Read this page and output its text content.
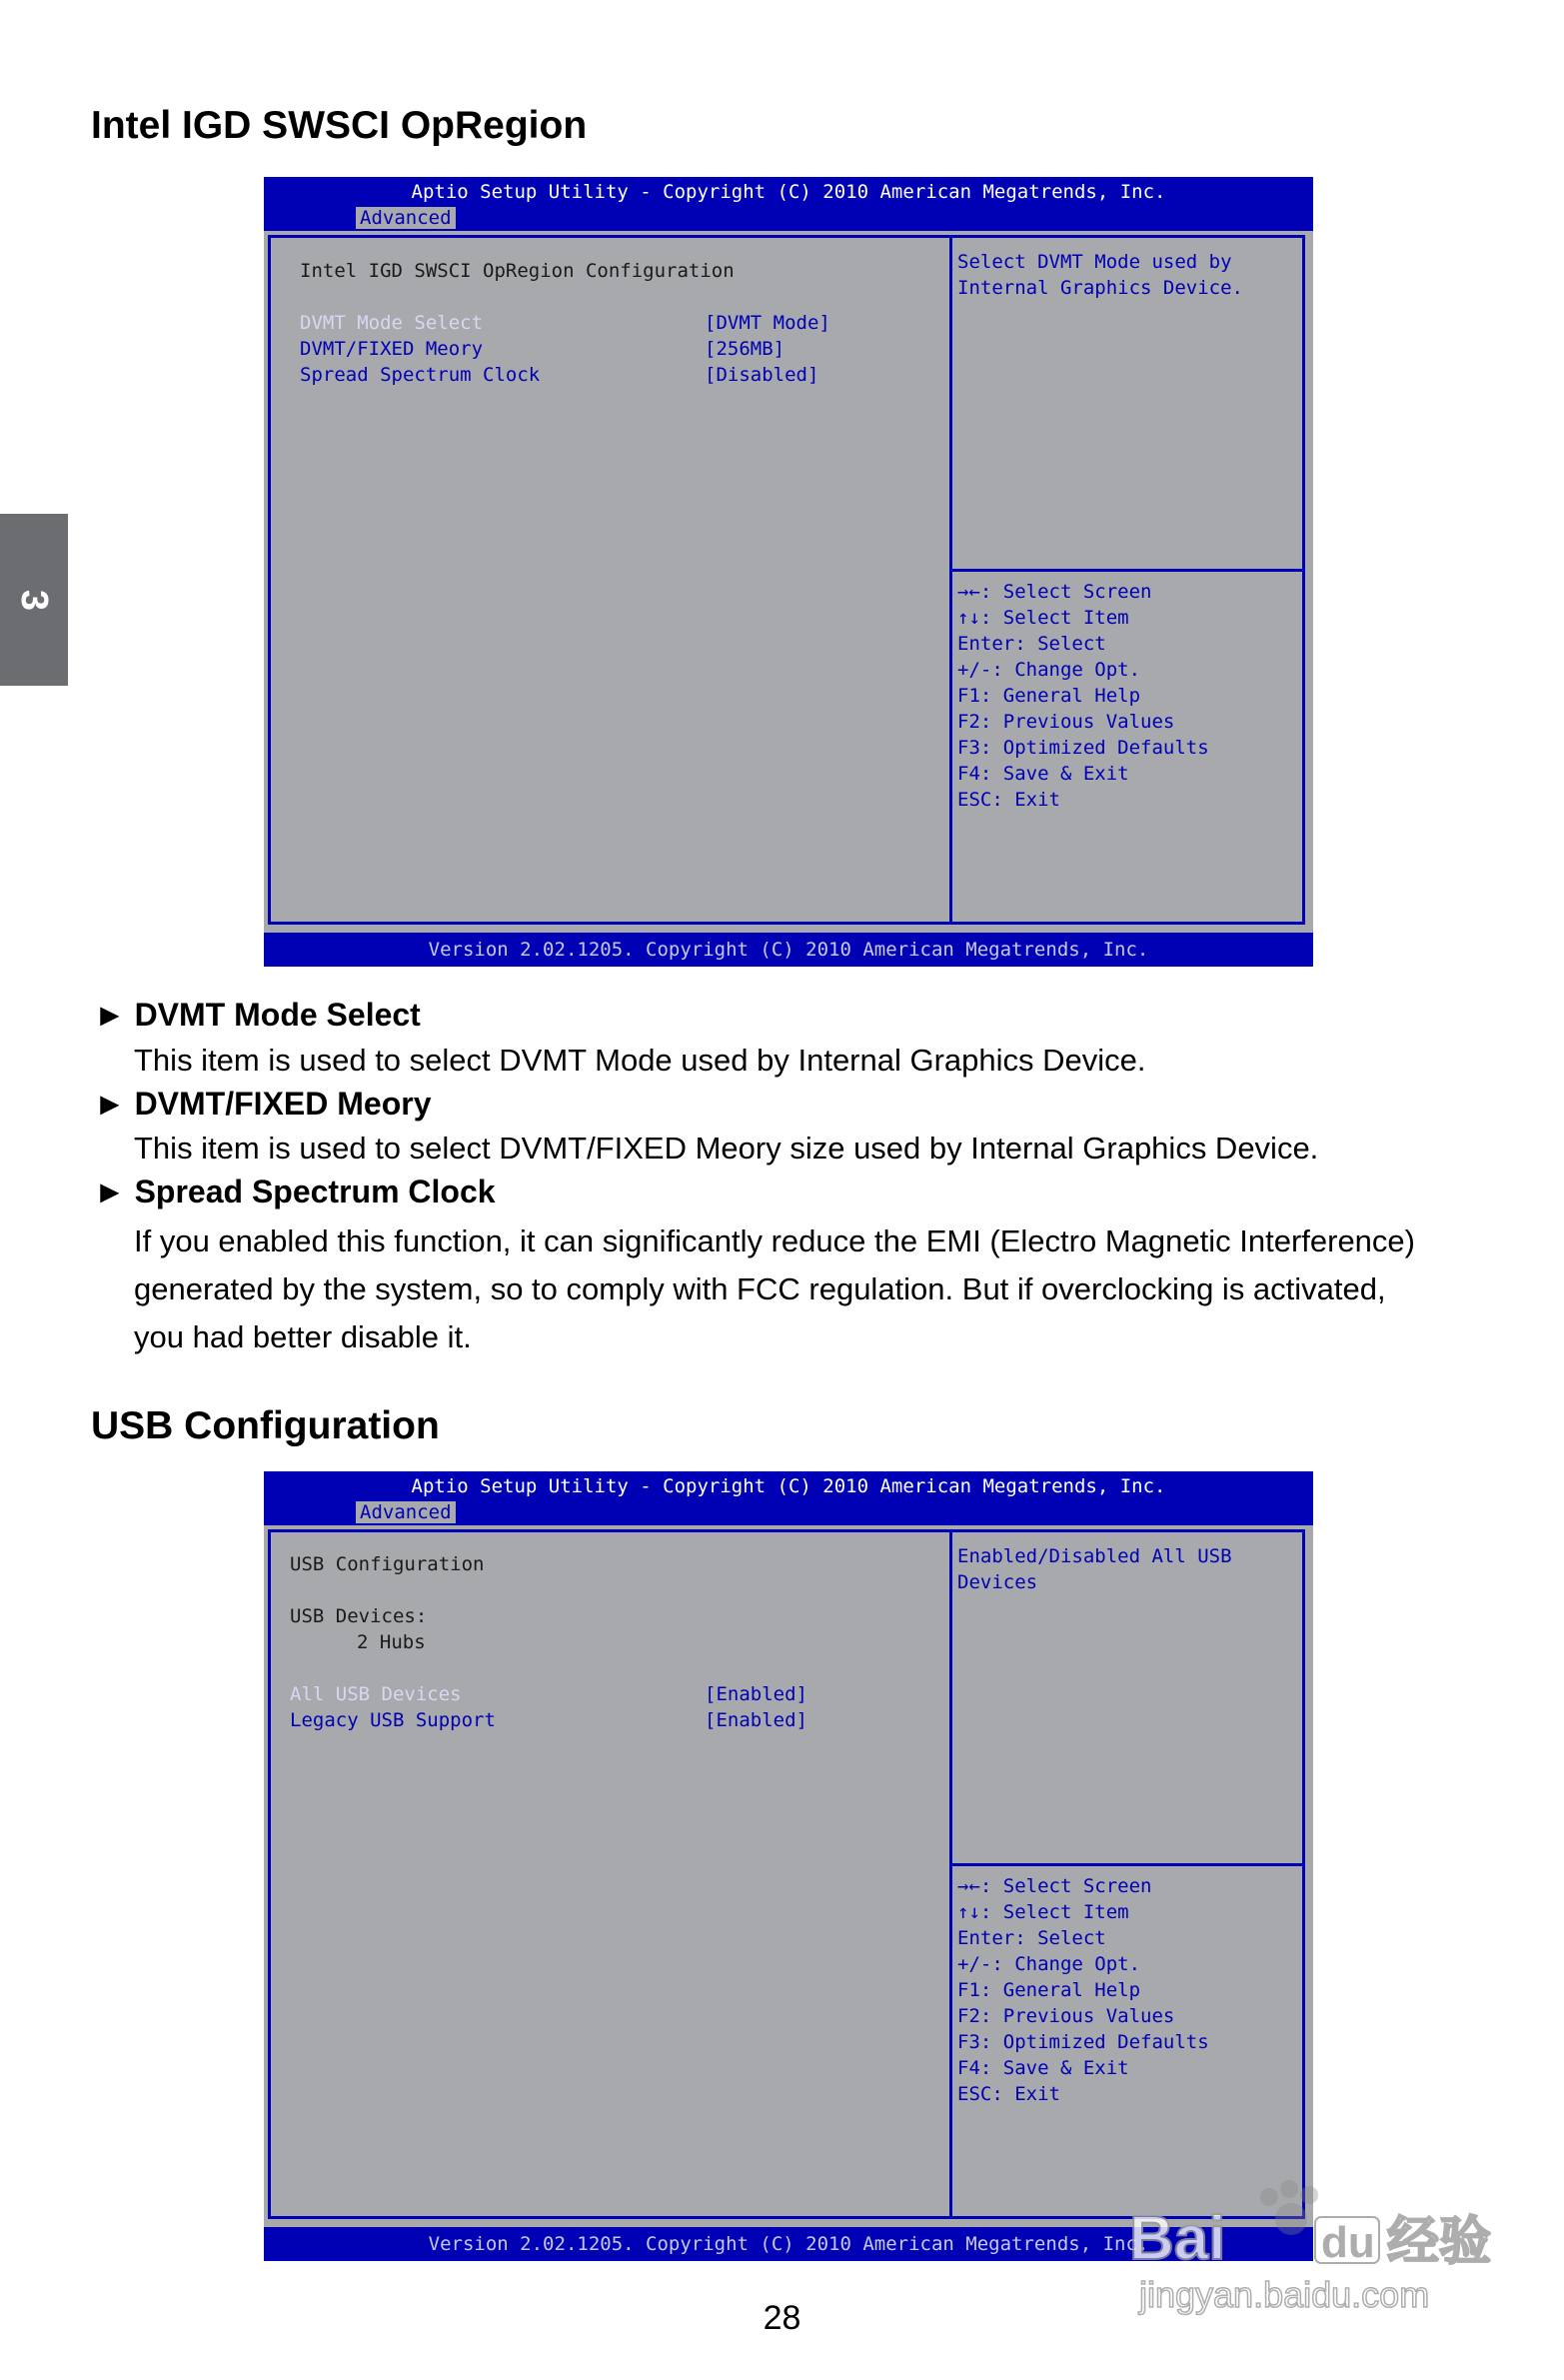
3
Intel IGD SWSCI OpRegion
Aptio Setup Utility - Copyright (C) 2010 American Megatrends, Inc.
Advanced
Intel IGD SWSCI OpRegion Configuration
DVMT Mode Select	[DVMT Mode]
DVMT/FIXED Meory	[256MB]
Spread Spectrum Clock	[Disabled]
Select DVMT Mode used by
Internal Graphics Device.
→←: Select Screen
↑↓: Select Item
Enter: Select
+/-: Change Opt.
F1: General Help
F2: Previous Values
F3: Optimized Defaults
F4: Save & Exit
ESC: Exit
Version 2.02.1205. Copyright (C) 2010 American Megatrends, Inc.
► DVMT Mode Select
This item is used to select DVMT Mode used by Internal Graphics Device.
► DVMT/FIXED Meory
This item is used to select DVMT/FIXED Meory size used by Internal Graphics Device.
► Spread Spectrum Clock
If you enabled this function, it can significantly reduce the EMI (Electro Magnetic Interference)
generated by the system, so to comply with FCC regulation. But if overclocking is activated,
you had better disable it.
USB Configuration
Aptio Setup Utility - Copyright (C) 2010 American Megatrends, Inc.
Advanced
USB Configuration
USB Devices:
2 Hubs
All USB Devices	[Enabled]
Legacy USB Support	[Enabled]
Enabled/Disabled All USB
Devices
→←: Select Screen
↑↓: Select Item
Enter: Select
+/-: Change Opt.
F1: General Help
F2: Previous Values
F3: Optimized Defaults
F4: Save & Exit
ESC: Exit
Version 2.02.1205. Copyright (C) 2010 American Megatrends, Inc.
28
Bai du 经验
jingyan.baidu.com
